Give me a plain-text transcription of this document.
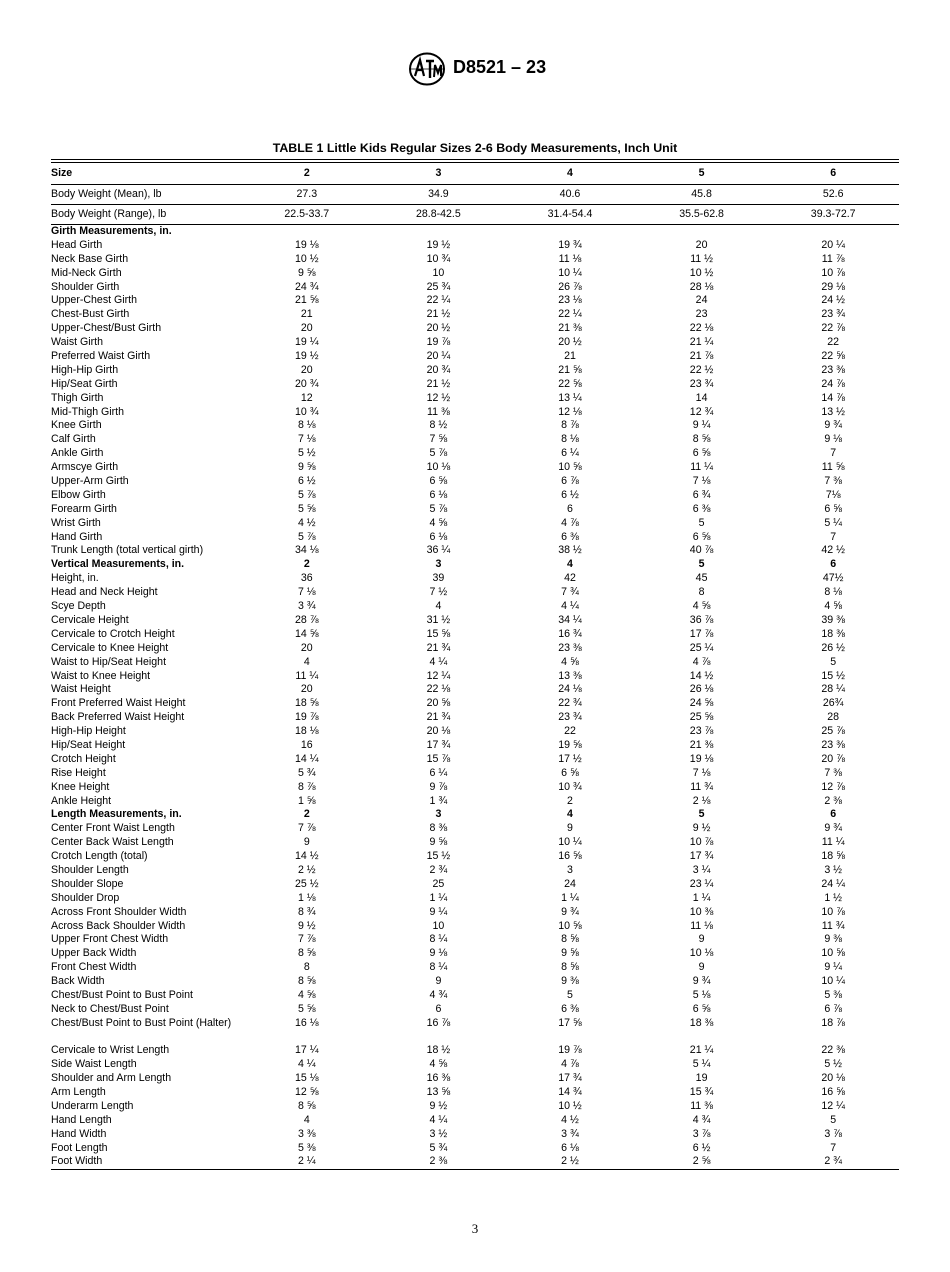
D8521 – 23
TABLE 1 Little Kids Regular Sizes 2-6 Body Measurements, Inch Unit
Size	2	3	4	5	6
Body Weight (Mean), lb	27.3	34.9	40.6	45.8	52.6
Body Weight (Range), lb	22.5-33.7	28.8-42.5	31.4-54.4	35.5-62.8	39.3-72.7
Girth Measurements, in.					
Head Girth	19 ⅛	19 ½	19 ¾	20	20 ¼
Neck Base Girth	10 ½	10 ¾	11 ⅛	11 ½	11 ⅞
Mid-Neck Girth	9 ⅝	10	10 ¼	10 ½	10 ⅞
Shoulder Girth	24 ¾	25 ¾	26 ⅞	28 ⅛	29 ⅛
Upper-Chest Girth	21 ⅝	22 ¼	23 ⅛	24	24 ½
Chest-Bust Girth	21	21 ½	22 ¼	23	23 ¾
Upper-Chest/Bust Girth	20	20 ½	21 ⅜	22 ⅛	22 ⅞
Waist Girth	19 ¼	19 ⅞	20 ½	21 ¼	22
Preferred Waist Girth	19 ½	20 ¼	21	21 ⅞	22 ⅝
High-Hip Girth	20	20 ¾	21 ⅝	22 ½	23 ⅜
Hip/Seat Girth	20 ¾	21 ½	22 ⅝	23 ¾	24 ⅞
Thigh Girth	12	12 ½	13 ¼	14	14 ⅞
Mid-Thigh Girth	10 ¾	11 ⅜	12 ⅛	12 ¾	13 ½
Knee Girth	8 ⅛	8 ½	8 ⅞	9 ¼	9 ¾
Calf Girth	7 ⅛	7 ⅝	8 ⅛	8 ⅝	9 ⅛
Ankle Girth	5 ½	5 ⅞	6 ¼	6 ⅝	7
Armscye Girth	9 ⅝	10 ⅛	10 ⅝	11 ¼	11 ⅝
Upper-Arm Girth	6 ½	6 ⅝	6 ⅞	7 ⅛	7 ⅜
Elbow Girth	5 ⅞	6 ⅛	6 ½	6 ¾	7⅛
Forearm Girth	5 ⅝	5 ⅞	6	6 ⅜	6 ⅝
Wrist Girth	4 ½	4 ⅝	4 ⅞	5	5 ¼
Hand Girth	5 ⅞	6 ⅛	6 ⅜	6 ⅝	7
Trunk Length (total vertical girth)	34 ⅛	36 ¼	38 ½	40 ⅞	42 ½
Vertical Measurements, in.	2	3	4	5	6
Height, in.	36	39	42	45	47½
Head and Neck Height	7 ⅛	7 ½	7 ¾	8	8 ⅛
Scye Depth	3 ¾	4	4 ¼	4 ⅝	4 ⅝
Cervicale Height	28 ⅞	31 ½	34 ¼	36 ⅞	39 ⅜
Cervicale to Crotch Height	14 ⅝	15 ⅝	16 ¾	17 ⅞	18 ⅜
Cervicale to Knee Height	20	21 ¾	23 ⅜	25 ¼	26 ½
Waist to Hip/Seat Height	4	4 ¼	4 ⅝	4 ⅞	5
Waist to Knee Height	11 ¼	12 ¼	13 ⅜	14 ½	15 ½
Waist Height	20	22 ⅛	24 ⅛	26 ⅛	28 ¼
Front Preferred Waist Height	18 ⅝	20 ⅝	22 ¾	24 ⅝	26¾
Back Preferred Waist Height	19 ⅞	21 ¾	23 ¾	25 ⅝	28
High-Hip Height	18 ⅛	20 ⅛	22	23 ⅞	25 ⅞
Hip/Seat Height	16	17 ¾	19 ⅝	21 ⅜	23 ⅜
Crotch Height	14 ¼	15 ⅞	17 ½	19 ⅛	20 ⅞
Rise Height	5 ¾	6 ¼	6 ⅝	7 ⅛	7 ⅜
Knee Height	8 ⅞	9 ⅞	10 ¾	11 ¾	12 ⅞
Ankle Height	1 ⅝	1 ¾	2	2 ⅛	2 ⅜
Length Measurements, in.	2	3	4	5	6
Center Front Waist Length	7 ⅞	8 ⅜	9	9 ½	9 ¾
Center Back Waist Length	9	9 ⅝	10 ¼	10 ⅞	11 ¼
Crotch Length (total)	14 ½	15 ½	16 ⅝	17 ¾	18 ⅝
Shoulder Length	2 ½	2 ¾	3	3 ¼	3 ½
Shoulder Slope	25 ½	25	24	23 ¼	24 ¼
Shoulder Drop	1 ⅛	1 ¼	1 ¼	1 ¼	1 ½
Across Front Shoulder Width	8 ¾	9 ¼	9 ¾	10 ⅜	10 ⅞
Across Back Shoulder Width	9 ½	10	10 ⅝	11 ⅛	11 ¾
Upper Front Chest Width	7 ⅞	8 ¼	8 ⅝	9	9 ⅜
Upper Back Width	8 ⅝	9 ⅛	9 ⅝	10 ⅛	10 ⅝
Front Chest Width	8	8 ¼	8 ⅝	9	9 ¼
Back Width	8 ⅝	9	9 ⅜	9 ¾	10 ¼
Chest/Bust Point to Bust Point	4 ⅝	4 ¾	5	5 ⅛	5 ⅜
Neck to Chest/Bust Point	5 ⅝	6	6 ⅜	6 ⅝	6 ⅞
Chest/Bust Point to Bust Point (Halter)	16 ⅛	16 ⅞	17 ⅝	18 ⅜	18 ⅞
Cervicale to Wrist Length	17 ¼	18 ½	19 ⅞	21 ¼	22 ⅜
Side Waist Length	4 ¼	4 ⅝	4 ⅞	5 ¼	5 ½
Shoulder and Arm Length	15 ⅛	16 ⅜	17 ¾	19	20 ⅛
Arm Length	12 ⅝	13 ⅝	14 ¾	15 ¾	16 ⅝
Underarm Length	8 ⅝	9 ½	10 ½	11 ⅜	12 ¼
Hand Length	4	4 ¼	4 ½	4 ¾	5
Hand Width	3 ⅜	3 ½	3 ¾	3 ⅞	3 ⅞
Foot Length	5 ⅜	5 ¾	6 ⅛	6 ½	7
Foot Width	2 ¼	2 ⅜	2 ½	2 ⅝	2 ¾
3
